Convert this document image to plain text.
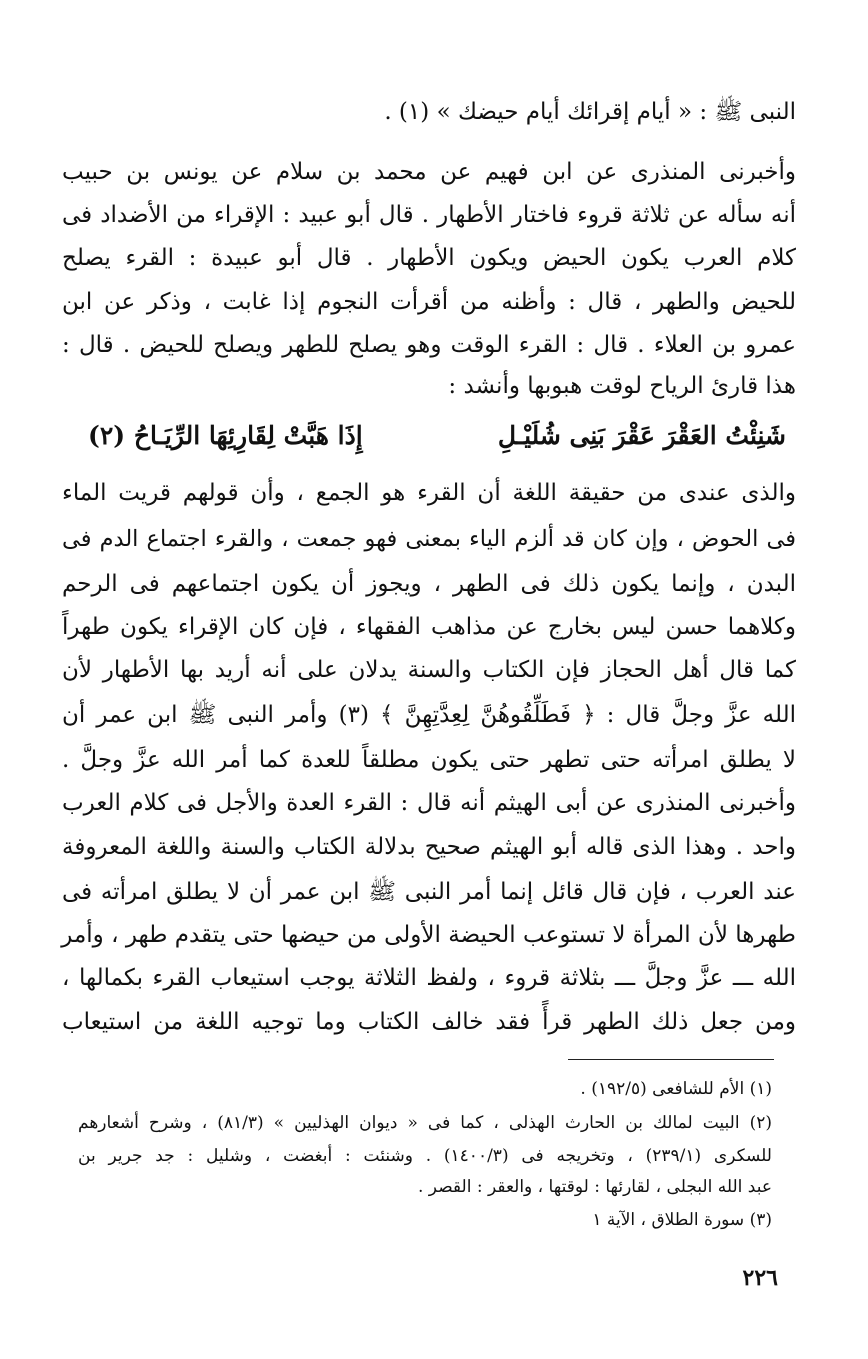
النبى ﷺ : « أيام إقرائك أيام حيضك » (١) .
وأخبرنى المنذرى عن ابن فهيم عن محمد بن سلام عن يونس بن حبيب
أنه سأله عن ثلاثة قروء فاختار الأطهار . قال أبو عبيد : الإقراء من الأضداد فى
كلام العرب يكون الحيض ويكون الأطهار . قال أبو عبيدة : القرء يصلح
للحيض والطهر ، قال : وأظنه من أقرأت النجوم إذا غابت ، وذكر عن ابن
عمرو بن العلاء . قال : القرء الوقت وهو يصلح للطهر ويصلح للحيض . قال :
هذا قارئ الرياح لوقت هبوبها وأنشد :
شَنِئْتُ العَقْرَ عَقْرَ بَنِى شُلَيْـلِ
إِذَا هَبَّتْ لِقَارِئِهَا الرِّيَـاحُ (٢)
والذى عندى من حقيقة اللغة أن القرء هو الجمع ، وأن قولهم قريت الماء
فى الحوض ، وإن كان قد ألزم الياء بمعنى فهو جمعت ، والقرء اجتماع الدم فى
البدن ، وإنما يكون ذلك فى الطهر ، ويجوز أن يكون اجتماعهم فى الرحم
وكلاهما حسن ليس بخارج عن مذاهب الفقهاء ، فإن كان الإقراء يكون طهراً
كما قال أهل الحجاز فإن الكتاب والسنة يدلان على أنه أريد بها الأطهار لأن
الله عزَّ وجلَّ قال : ﴿ فَطَلِّقُوهُنَّ لِعِدَّتِهِنَّ ﴾ (٣) وأمر النبى ﷺ ابن عمر أن
لا يطلق امرأته حتى تطهر حتى يكون مطلقاً للعدة كما أمر الله عزَّ وجلَّ .
وأخبرنى المنذرى عن أبى الهيثم أنه قال : القرء العدة والأجل فى كلام العرب
واحد . وهذا الذى قاله أبو الهيثم صحيح بدلالة الكتاب والسنة واللغة المعروفة
عند العرب ، فإن قال قائل إنما أمر النبى ﷺ ابن عمر أن لا يطلق امرأته فى
طهرها لأن المرأة لا تستوعب الحيضة الأولى من حيضها حتى يتقدم طهر ، وأمر
الله ـــ عزَّ وجلَّ ـــ بثلاثة قروء ، ولفظ الثلاثة يوجب استيعاب القرء بكمالها ،
ومن جعل ذلك الطهر قرأً فقد خالف الكتاب وما توجيه اللغة من استيعاب
(١) الأم للشافعى (١٩٢/٥) .
(٢) البيت لمالك بن الحارث الهذلى ، كما فى « ديوان الهذليين » (٨١/٣) ، وشرح أشعارهم
للسكرى (٢٣٩/١) ، وتخريجه فى (١٤٠٠/٣) . وشنئت : أبغضت ، وشليل : جد جرير بن
عبد الله البجلى ، لقارئها : لوقتها ، والعقر : القصر .
(٣) سورة الطلاق ، الآية ١
٢٢٦
